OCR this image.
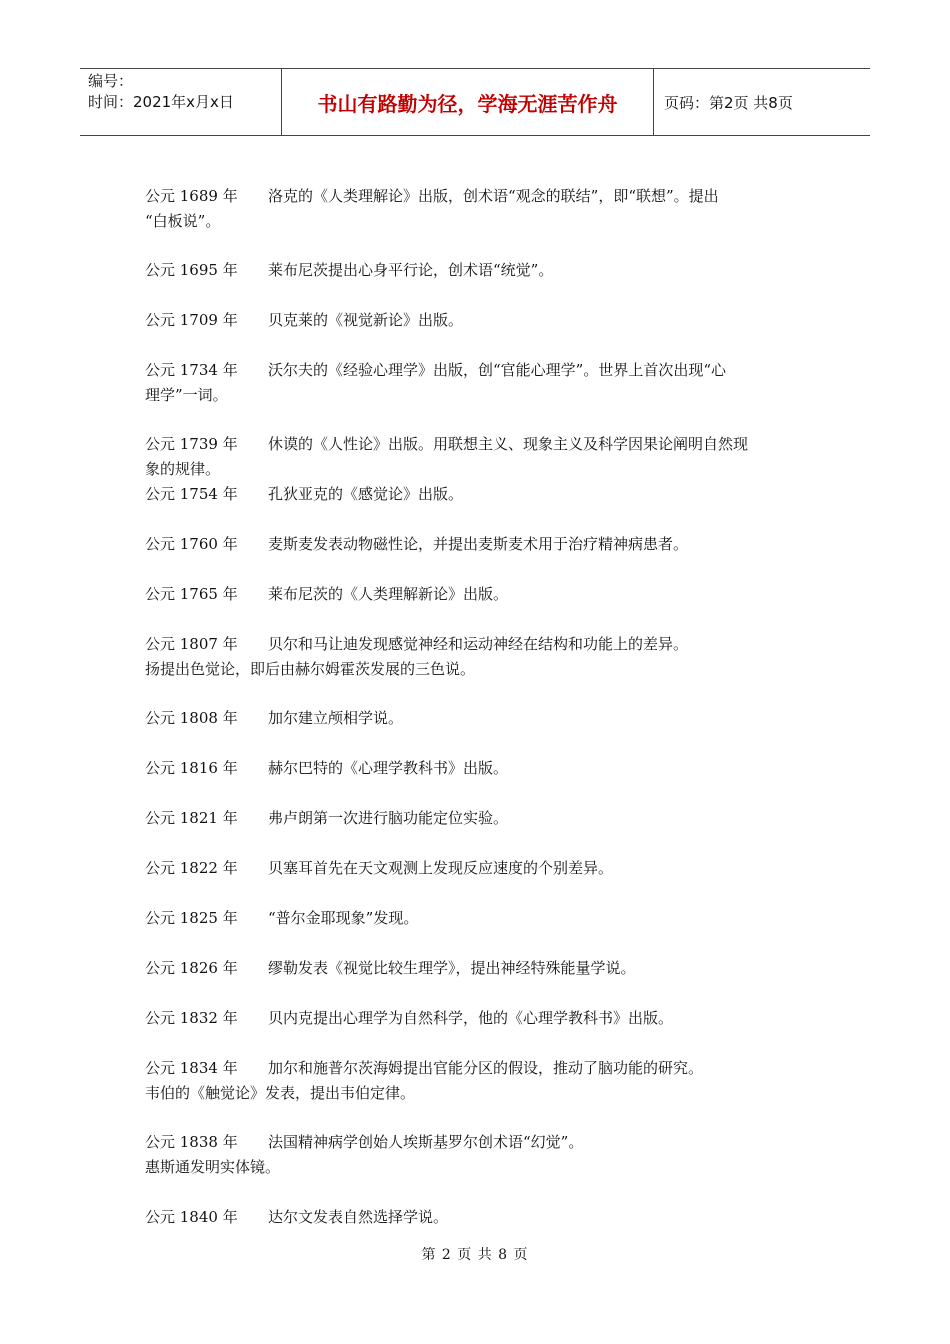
编号：
时间：2021年x月x日	书山有路勤为径，学海无涯苦作舟	页码：第2页 共8页
公元 1689 年 洛克的《人类理解论》出版，创术语“观念的联结”，即“联想”。提出
“白板说”。
公元 1695 年 莱布尼茨提出心身平行论，创术语“统觉”。
公元 1709 年 贝克莱的《视觉新论》出版。
公元 1734 年 沃尔夫的《经验心理学》出版，创“官能心理学”。世界上首次出现“心
理学”一词。
公元 1739 年 休谟的《人性论》出版。用联想主义、现象主义及科学因果论阐明自然现
象的规律。
公元 1754 年 孔狄亚克的《感觉论》出版。
公元 1760 年 麦斯麦发表动物磁性论，并提出麦斯麦术用于治疗精神病患者。
公元 1765 年 莱布尼茨的《人类理解新论》出版。
公元 1807 年 贝尔和马让迪发现感觉神经和运动神经在结构和功能上的差异。
扬提出色觉论，即后由赫尔姆霍茨发展的三色说。
公元 1808 年 加尔建立颅相学说。
公元 1816 年 赫尔巴特的《心理学教科书》出版。
公元 1821 年 弗卢朗第一次进行脑功能定位实验。
公元 1822 年 贝塞耳首先在天文观测上发现反应速度的个别差异。
公元 1825 年 “普尔金耶现象”发现。
公元 1826 年 缪勒发表《视觉比较生理学》，提出神经特殊能量学说。
公元 1832 年 贝内克提出心理学为自然科学，他的《心理学教科书》出版。
公元 1834 年 加尔和施普尔茨海姆提出官能分区的假设，推动了脑功能的研究。
韦伯的《触觉论》发表，提出韦伯定律。
公元 1838 年 法国精神病学创始人埃斯基罗尔创术语“幻觉”。
惠斯通发明实体镜。
公元 1840 年 达尔文发表自然选择学说。
第 2 页 共 8 页
